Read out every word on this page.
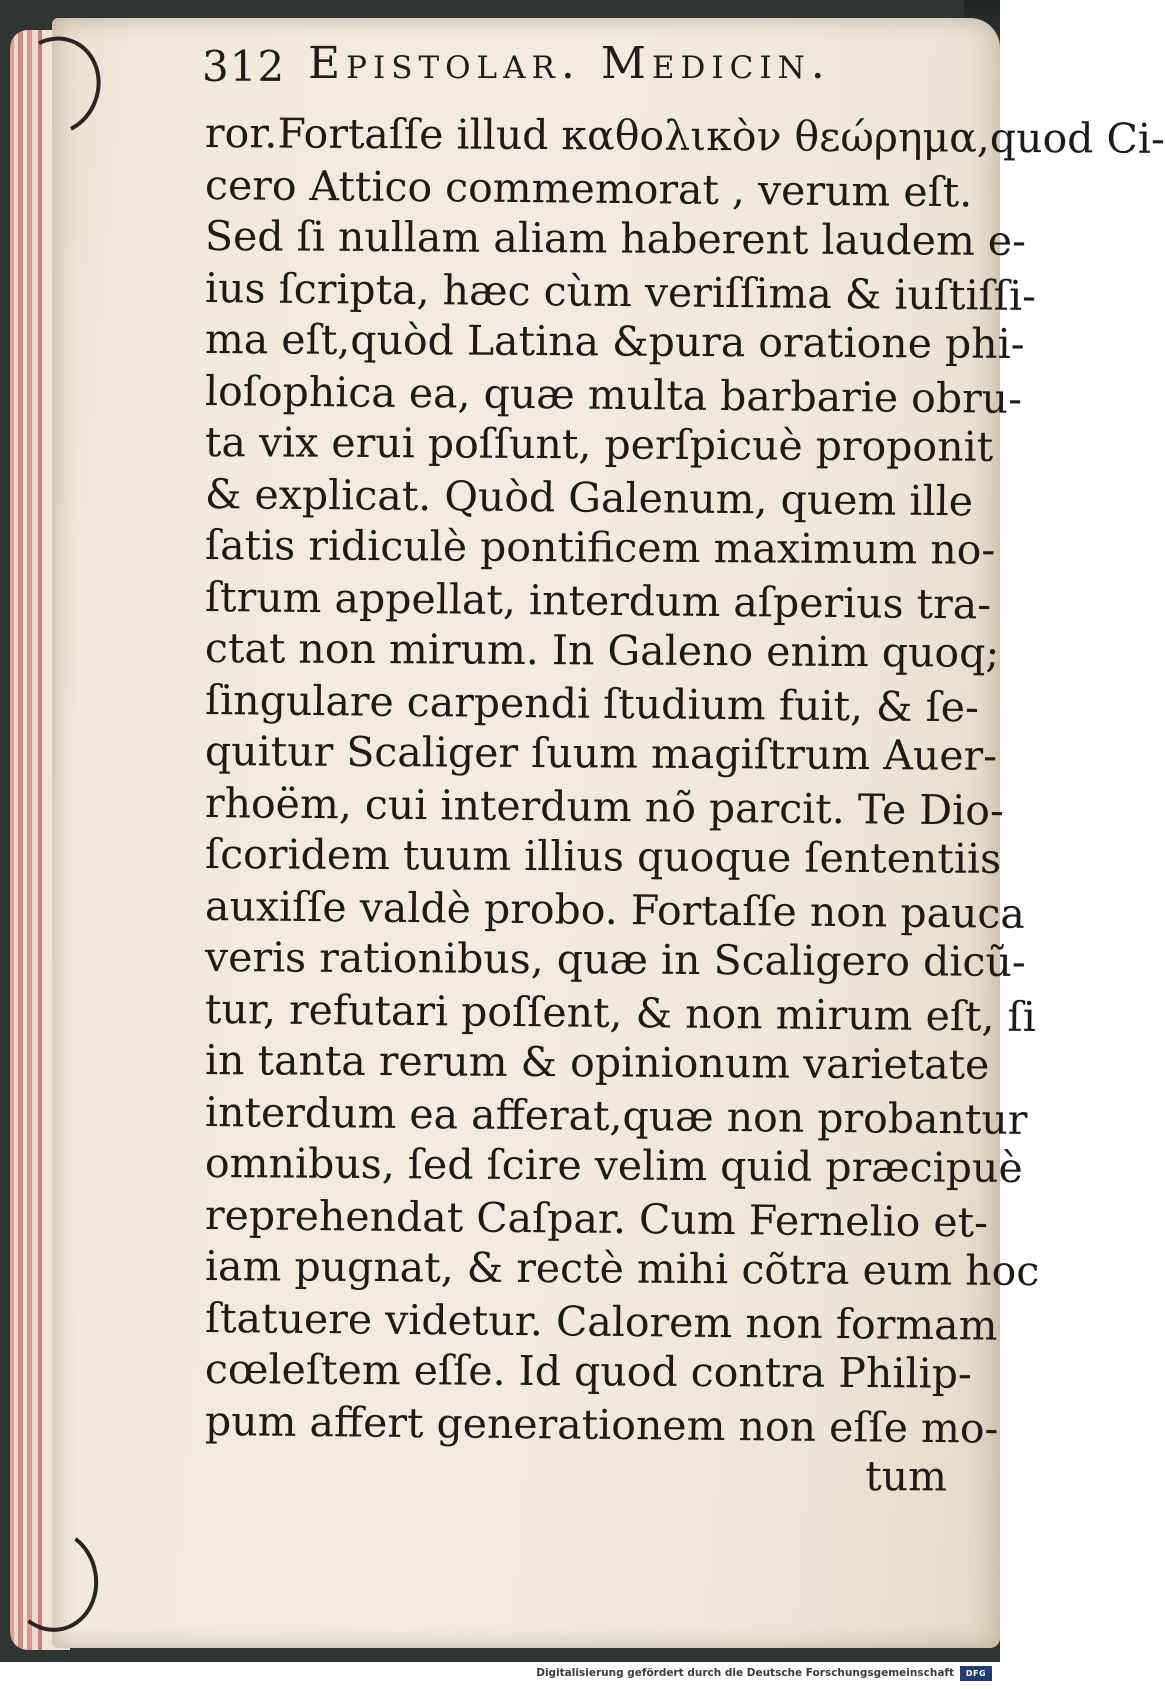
312 Epistolar. Medicin.
ror.Fortaſſe illud καθολικὸν θεώρημα,quod Ci-
cero Attico commemorat , verum eſt.
Sed ſi nullam aliam haberent laudem e-
ius ſcripta, hæc cùm veriſſima & iuſtiſſi-
ma eſt,quòd Latina &pura oratione phi-
loſophica ea, quæ multa barbarie obru-
ta vix erui poſſunt, perſpicuè proponit
& explicat. Quòd Galenum, quem ille
ſatis ridiculè pontificem maximum no-
ſtrum appellat, interdum aſperius tra-
ctat non mirum. In Galeno enim quoq;
ſingulare carpendi ſtudium fuit, & ſe-
quitur Scaliger ſuum magiſtrum Auer-
rhoëm, cui interdum nõ parcit. Te Dio-
ſcoridem tuum illius quoque ſententiis
auxiſſe valdè probo. Fortaſſe non pauca
veris rationibus, quæ in Scaligero dicũ-
tur, refutari poſſent, & non mirum eſt, ſi
in tanta rerum & opinionum varietate
interdum ea afferat,quæ non probantur
omnibus, ſed ſcire velim quid præcipuè
reprehendat Caſpar. Cum Fernelio et-
iam pugnat, & rectè mihi cõtra eum hoc
ſtatuere videtur. Calorem non formam
cœleſtem eſſe. Id quod contra Philip-
pum affert generationem non eſſe mo-
tum
Digitalisierung gefördert durch die Deutsche Forschungsgemeinschaft	DFG
